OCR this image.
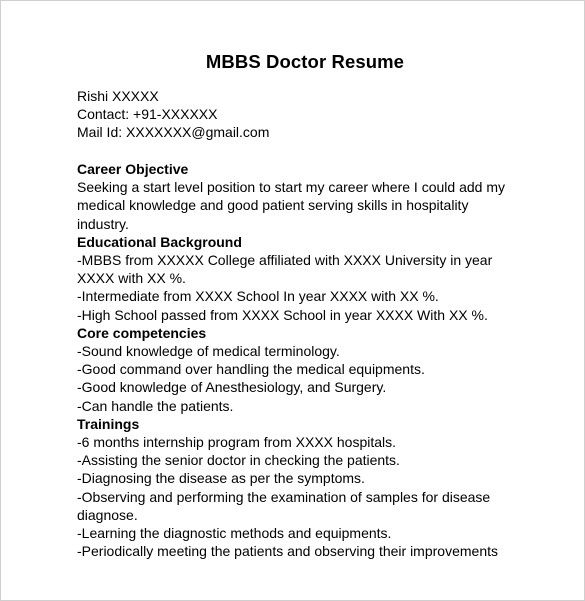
MBBS Doctor Resume
Rishi XXXXX
Contact: +91-XXXXXX
Mail Id: XXXXXXX@gmail.com
Career Objective
Seeking a start level position to start my career where I could add my
medical knowledge and good patient serving skills in hospitality
industry.
Educational Background
-MBBS from XXXXX College affiliated with XXXX University in year
XXXX with XX %.
-Intermediate from XXXX School In year XXXX with XX %.
-High School passed from XXXX School in year XXXX With XX %.
Core competencies
-Sound knowledge of medical terminology.
-Good command over handling the medical equipments.
-Good knowledge of Anesthesiology, and Surgery.
-Can handle the patients.
Trainings
-6 months internship program from XXXX hospitals.
-Assisting the senior doctor in checking the patients.
-Diagnosing the disease as per the symptoms.
-Observing and performing the examination of samples for disease
diagnose.
-Learning the diagnostic methods and equipments.
-Periodically meeting the patients and observing their improvements
